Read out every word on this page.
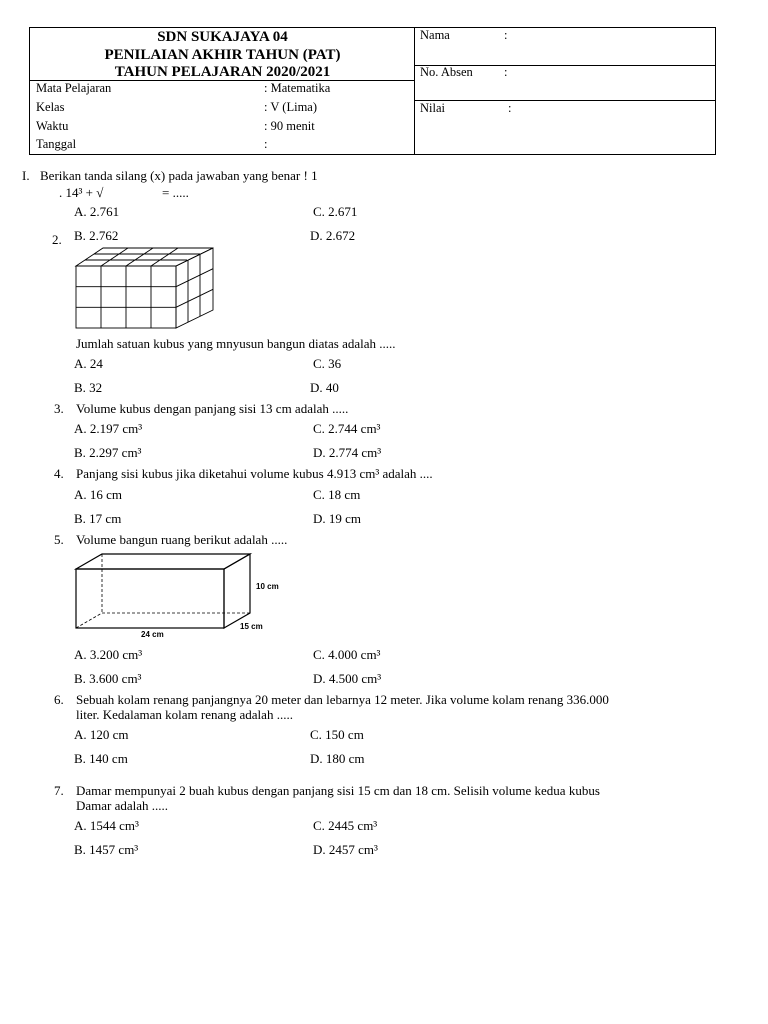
SDN SUKAJAYA 04
PENILAIAN AKHIR TAHUN (PAT)
TAHUN PELAJARAN 2020/2021
Mata Pelajaran	: Matematika
Kelas	: V (Lima)
Waktu	: 90 menit
Tanggal	:
Nama	:
No. Absen :
Nilai	:
I. Berikan tanda silang (x) pada jawaban yang benar ! 1
. 14³ + √	= .....
A. 2.761	C. 2.671
B. 2.762	D. 2.672
2.
Jumlah satuan kubus yang mnyusun bangun diatas adalah .....
A. 24	C. 36
B. 32	D. 40
3. Volume kubus dengan panjang sisi 13 cm adalah .....
A. 2.197 cm³	C. 2.744 cm³
B. 2.297 cm³	D. 2.774 cm³
4. Panjang sisi kubus jika diketahui volume kubus 4.913 cm³ adalah ....
A. 16 cm	C. 18 cm
B. 17 cm	D. 19 cm
5. Volume bangun ruang berikut adalah .....
10 cm
15 cm
24 cm
A. 3.200 cm³	C. 4.000 cm³
B. 3.600 cm³	D. 4.500 cm³
6. Sebuah kolam renang panjangnya 20 meter dan lebarnya 12 meter. Jika volume kolam renang 336.000
liter. Kedalaman kolam renang adalah .....
A. 120 cm	C. 150 cm
B. 140 cm	D. 180 cm
7. Damar mempunyai 2 buah kubus dengan panjang sisi 15 cm dan 18 cm. Selisih volume kedua kubus
Damar adalah .....
A. 1544 cm³	C. 2445 cm³
B. 1457 cm³	D. 2457 cm³
